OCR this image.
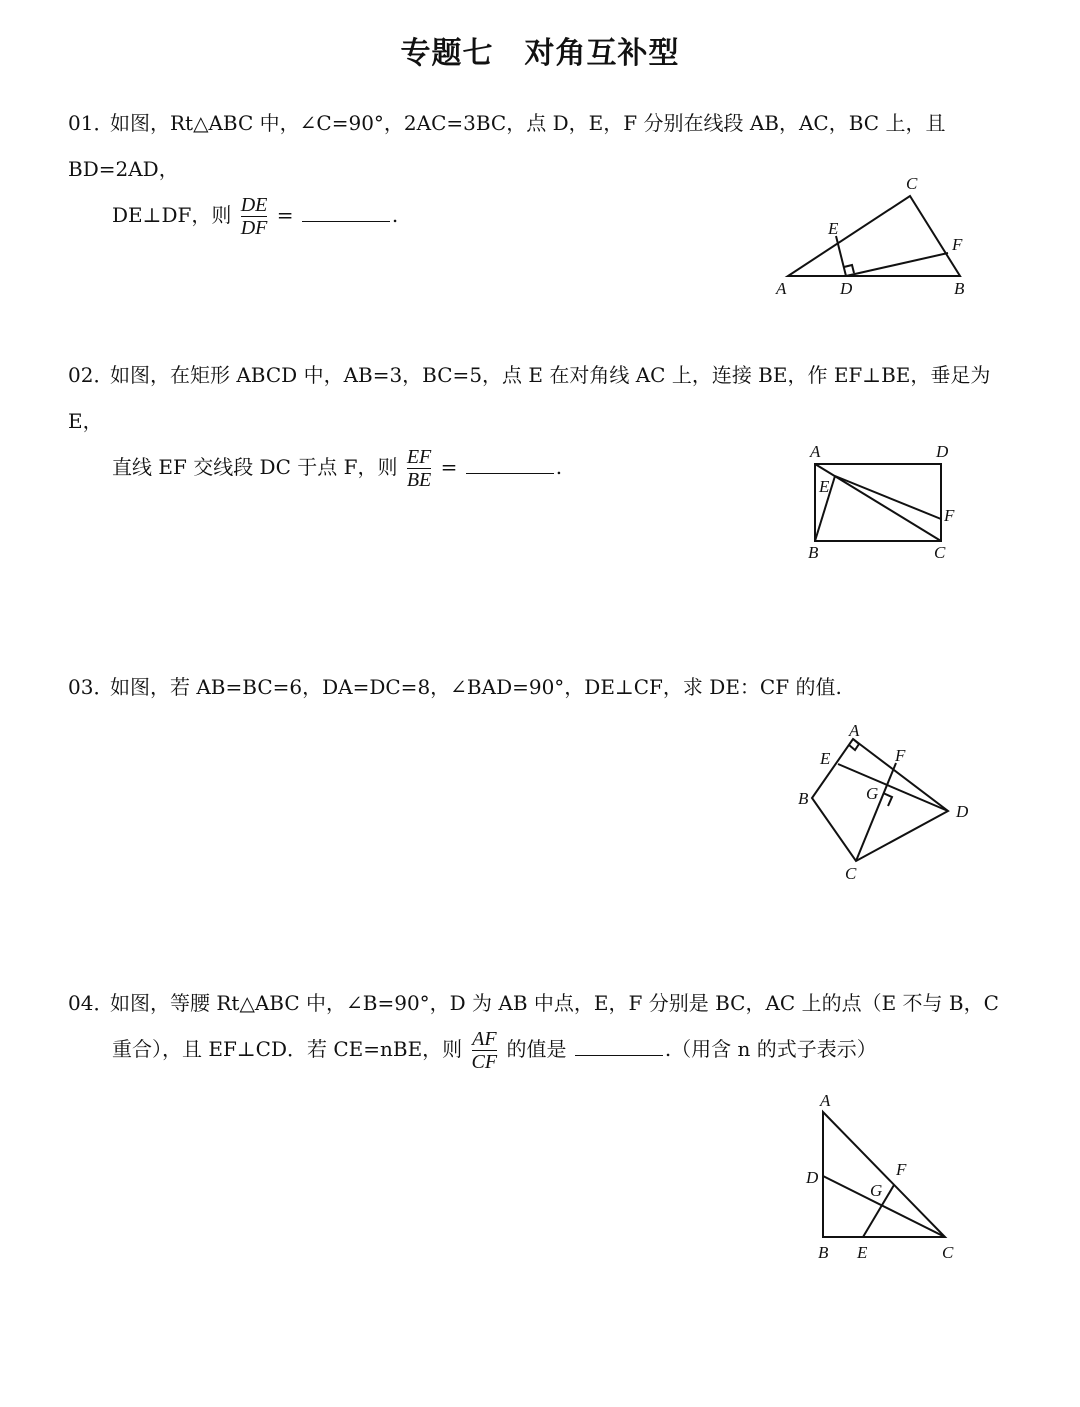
专题七　对角互补型
01．如图，Rt△ABC 中，∠C=90°，2AC=3BC，点 D，E，F 分别在线段 AB，AC，BC 上，且 BD=2AD，
DE⊥DF，则 $\frac{DE}{DF}$ =	.
A	B
C
D
E
F
02．如图，在矩形 ABCD 中，AB=3，BC=5，点 E 在对角线 AC 上，连接 BE，作 EF⊥BE，垂足为 E，
直线 EF 交线段 DC 于点 F，则 $\frac{EF}{BE}$ =	.
A	D
B	C
E
F
03．如图，若 AB=BC=6，DA=DC=8，∠BAD=90°，DE⊥CF，求 DE：CF 的值.
A
B
C
D
E	F
G
04．如图，等腰 Rt△ABC 中，∠B=90°，D 为 AB 中点，E，F 分别是 BC，AC 上的点（E 不与 B，C
重合），且 EF⊥CD．若 CE=nBE，则 $\frac{AF}{CF}$ 的值是	.（用含 n 的式子表示）
A
B	C
D
E
F
G
